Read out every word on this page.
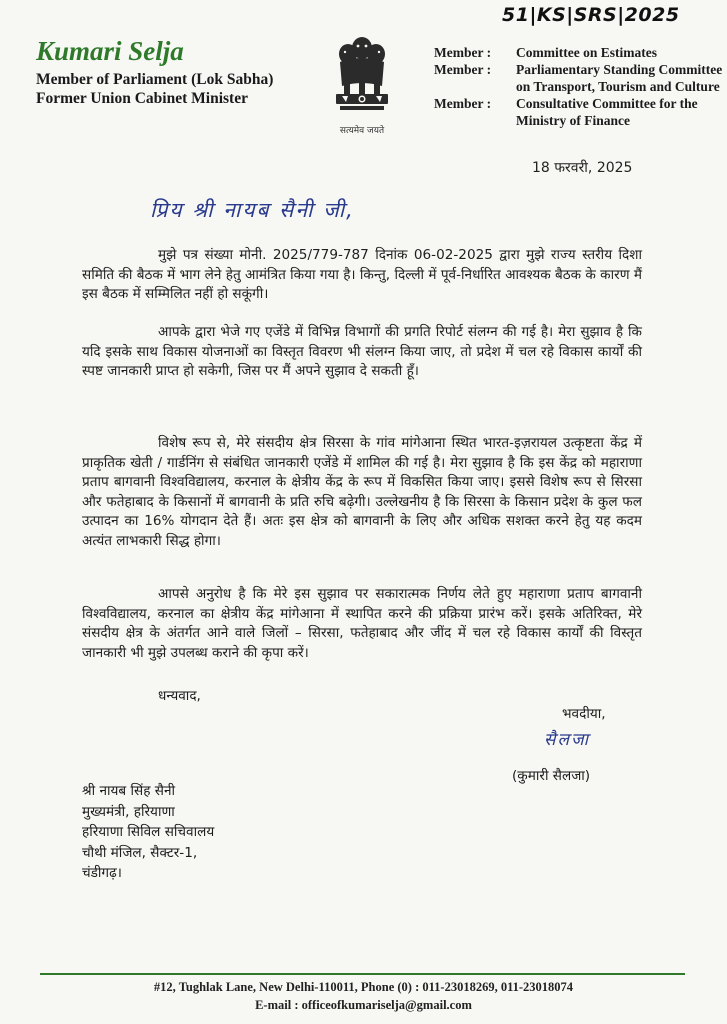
51|KS|SRS|2025
Kumari Selja
Member of Parliament (Lok Sabha)
Former Union Cabinet Minister
सत्यमेव जयते
Member :	Committee on Estimates
Member :	Parliamentary Standing Committee on Transport, Tourism and Culture
Member :	Consultative Committee for the Ministry of Finance
18 फरवरी, 2025
प्रिय श्री नायब सैनी जी,

मुझे पत्र संख्या मोनी. 2025/779-787 दिनांक 06-02-2025 द्वारा मुझे राज्य स्तरीय दिशा समिति की बैठक में भाग लेने हेतु आमंत्रित किया गया है। किन्तु, दिल्ली में पूर्व-निर्धारित आवश्यक बैठक के कारण मैं इस बैठक में सम्मिलित नहीं हो सकूंगी।

आपके द्वारा भेजे गए एजेंडे में विभिन्न विभागों की प्रगति रिपोर्ट संलग्न की गई है। मेरा सुझाव है कि यदि इसके साथ विकास योजनाओं का विस्तृत विवरण भी संलग्न किया जाए, तो प्रदेश में चल रहे विकास कार्यों की स्पष्ट जानकारी प्राप्त हो सकेगी, जिस पर मैं अपने सुझाव दे सकती हूँ।

विशेष रूप से, मेरे संसदीय क्षेत्र सिरसा के गांव मांगेआना स्थित भारत-इज़रायल उत्कृष्टता केंद्र में प्राकृतिक खेती / गार्डनिंग से संबंधित जानकारी एजेंडे में शामिल की गई है। मेरा सुझाव है कि इस केंद्र को महाराणा प्रताप बागवानी विश्वविद्यालय, करनाल के क्षेत्रीय केंद्र के रूप में विकसित किया जाए। इससे विशेष रूप से सिरसा और फतेहाबाद के किसानों में बागवानी के प्रति रुचि बढ़ेगी। उल्लेखनीय है कि सिरसा के किसान प्रदेश के कुल फल उत्पादन का 16% योगदान देते हैं। अतः इस क्षेत्र को बागवानी के लिए और अधिक सशक्त करने हेतु यह कदम अत्यंत लाभकारी सिद्ध होगा।

आपसे अनुरोध है कि मेरे इस सुझाव पर सकारात्मक निर्णय लेते हुए महाराणा प्रताप बागवानी विश्वविद्यालय, करनाल का क्षेत्रीय केंद्र मांगेआना में स्थापित करने की प्रक्रिया प्रारंभ करें। इसके अतिरिक्त, मेरे संसदीय क्षेत्र के अंतर्गत आने वाले जिलों – सिरसा, फतेहाबाद और जींद में चल रहे विकास कार्यों की विस्तृत जानकारी भी मुझे उपलब्ध कराने की कृपा करें।

धन्यवाद,
भवदीया,
सैलजा
(कुमारी सैलजा)
श्री नायब सिंह सैनी
मुख्यमंत्री, हरियाणा
हरियाणा सिविल सचिवालय
चौथी मंजिल, सैक्टर-1,
चंडीगढ़।
#12, Tughlak Lane, New Delhi-110011, Phone (0) : 011-23018269, 011-23018074
E-mail : officeofkumariselja@gmail.com
